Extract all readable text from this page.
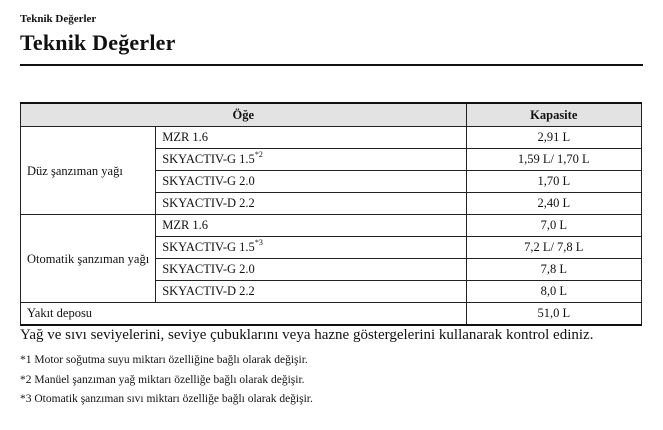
Teknik Değerler
Teknik Değerler
Öğe		Kapasite
Düz şanzıman yağı	MZR 1.6	2,91 L
	SKYACTIV-G 1.5$^{*2}$	1,59 L/ 1,70 L
	SKYACTIV-G 2.0	1,70 L
	SKYACTIV-D 2.2	2,40 L
Otomatik şanzıman yağı	MZR 1.6	7,0 L
	SKYACTIV-G 1.5$^{*3}$	7,2 L/ 7,8 L
	SKYACTIV-G 2.0	7,8 L
	SKYACTIV-D 2.2	8,0 L
Yakıt deposu		51,0 L
Yağ ve sıvı seviyelerini, seviye çubuklarını veya hazne göstergelerini kullanarak kontrol ediniz.
*1 Motor soğutma suyu miktarı özelliğine bağlı olarak değişir.
*2 Manüel şanzıman yağ miktarı özelliğe bağlı olarak değişir.
*3 Otomatik şanzıman sıvı miktarı özelliğe bağlı olarak değişir.
